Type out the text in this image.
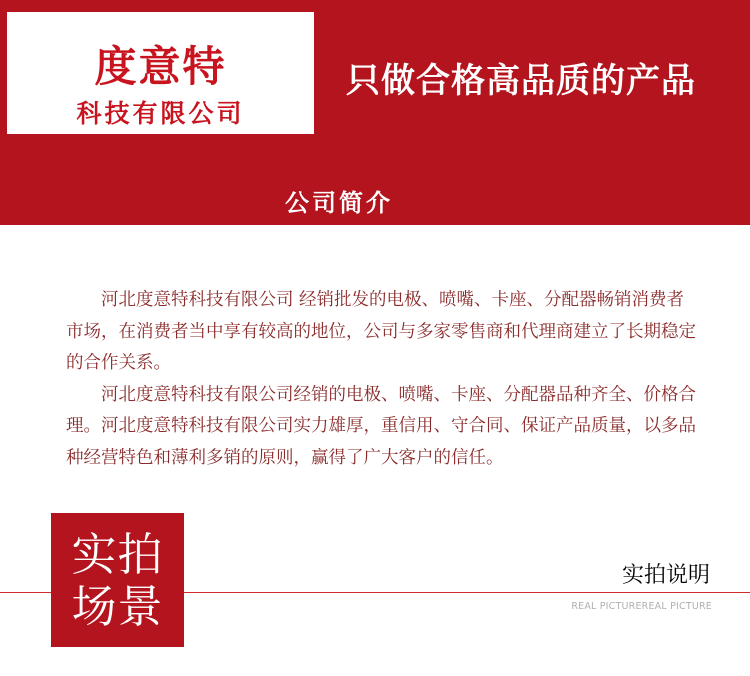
度意特
科技有限公司
只做合格高品质的产品
公司简介

河北度意特科技有限公司 经销批发的电极、喷嘴、卡座、分配器畅销消费者市场，在消费者当中享有较高的地位，公司与多家零售商和代理商建立了长期稳定的合作关系。

河北度意特科技有限公司经销的电极、喷嘴、卡座、分配器品种齐全、价格合理。河北度意特科技有限公司实力雄厚，重信用、守合同、保证产品质量，以多品种经营特色和薄利多销的原则，赢得了广大客户的信任。

实拍
场景
实拍说明
REAL PICTUREREAL PICTURE
